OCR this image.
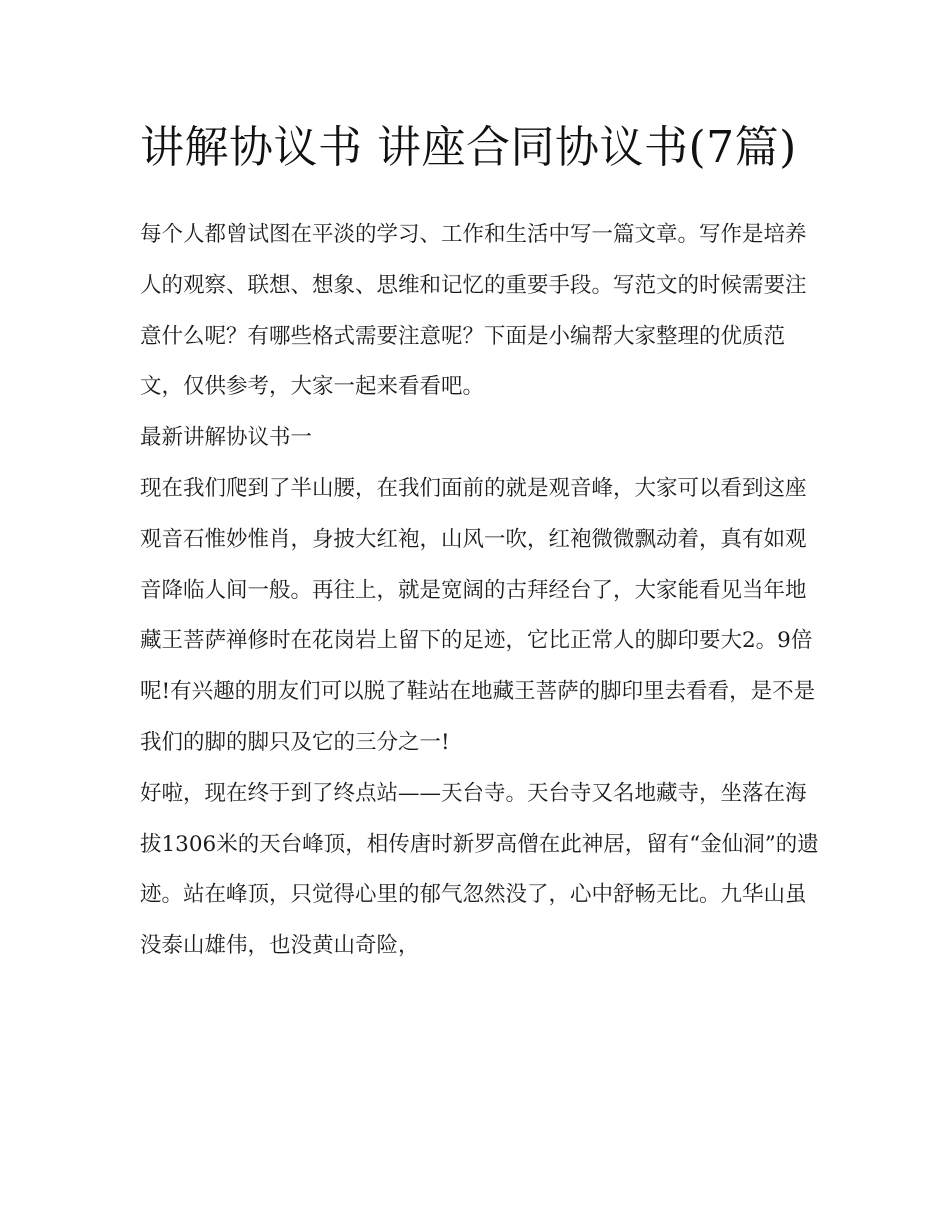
讲解协议书 讲座合同协议书(7篇)

每个人都曾试图在平淡的学习、工作和生活中写一篇文章。写作是培养人的观察、联想、想象、思维和记忆的重要手段。写范文的时候需要注意什么呢？有哪些格式需要注意呢？下面是小编帮大家整理的优质范文，仅供参考，大家一起来看看吧。

最新讲解协议书一

现在我们爬到了半山腰，在我们面前的就是观音峰，大家可以看到这座观音石惟妙惟肖，身披大红袍，山风一吹，红袍微微飘动着，真有如观音降临人间一般。再往上，就是宽阔的古拜经台了，大家能看见当年地藏王菩萨禅修时在花岗岩上留下的足迹，它比正常人的脚印要大2。9倍呢!有兴趣的朋友们可以脱了鞋站在地藏王菩萨的脚印里去看看，是不是我们的脚的脚只及它的三分之一!

好啦，现在终于到了终点站——天台寺。天台寺又名地藏寺，坐落在海拔1306米的天台峰顶，相传唐时新罗高僧在此神居，留有“金仙洞”的遗迹。站在峰顶，只觉得心里的郁气忽然没了，心中舒畅无比。九华山虽没泰山雄伟，也没黄山奇险，
